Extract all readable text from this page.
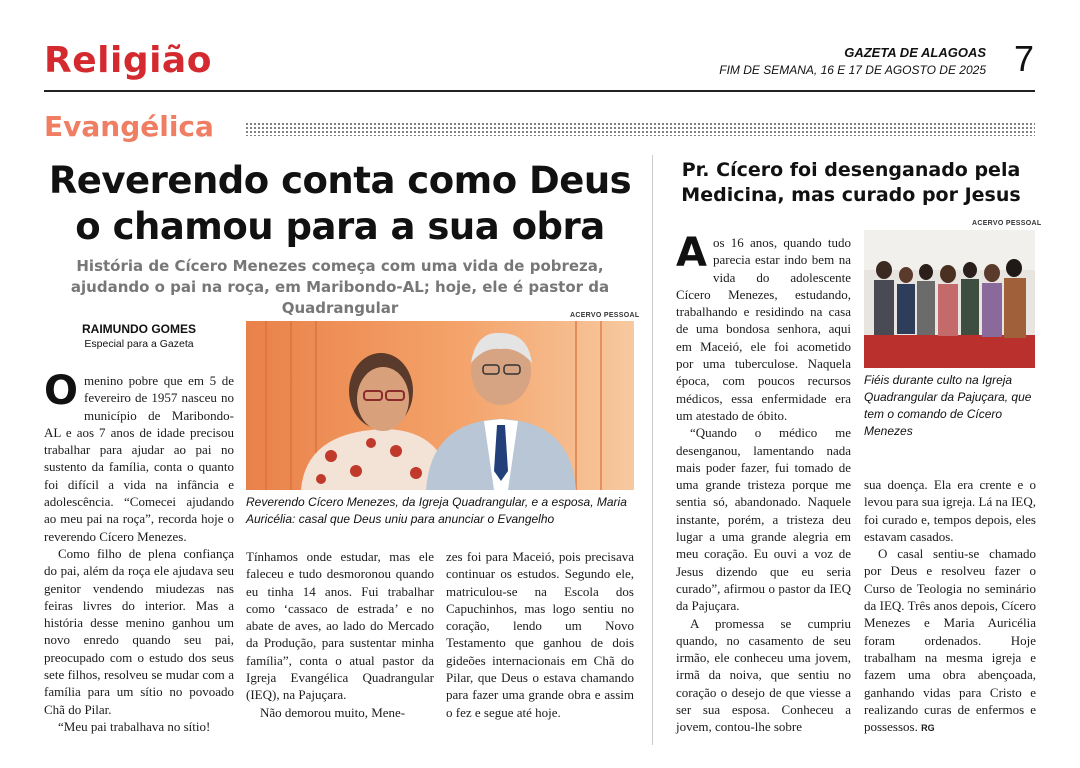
Religião	GAZETA DE ALAGOAS
FIM DE SEMANA, 16 E 17 DE AGOSTO DE 2025 7
Evangélica
Reverendo conta como Deus o chamou para a sua obra
História de Cícero Menezes começa com uma vida de pobreza, ajudando o pai na roça, em Maribondo-AL; hoje, ele é pastor da Quadrangular
RAIMUNDO GOMES
Especial para a Gazeta
ACERVO PESSOAL
Reverendo Cícero Menezes, da Igreja Quadrangular, e a esposa, Maria Auricélia: casal que Deus uniu para anunciar o Evangelho

Omenino pobre que em 5 de fevereiro de 1957 nasceu no município de Maribondo-AL e aos 7 anos de idade precisou trabalhar para ajudar ao pai no sustento da família, conta o quanto foi difícil a vida na infância e adolescência. “Comecei ajudando ao meu pai na roça”, recorda hoje o reverendo Cícero Menezes.

Como filho de plena confiança do pai, além da roça ele ajudava seu genitor vendendo miudezas nas feiras livres do interior. Mas a história desse menino ganhou um novo enredo quando seu pai, preocupado com o estudo dos seus sete filhos, resolveu se mudar com a família para um sítio no povoado Chã do Pilar.

“Meu pai trabalhava no sítio!

Tínhamos onde estudar, mas ele faleceu e tudo desmoronou quando eu tinha 14 anos. Fui trabalhar como ‘cassaco de estrada’ e no abate de aves, ao lado do Mercado da Produção, para sustentar minha família”, conta o atual pastor da Igreja Evangélica Quadrangular (IEQ), na Pajuçara.

Não demorou muito, Mene-

zes foi para Maceió, pois precisava continuar os estudos. Segundo ele, matriculou-se na Escola dos Capuchinhos, mas logo sentiu no coração, lendo um Novo Testamento que ganhou de dois gideões internacionais em Chã do Pilar, que Deus o estava chamando para fazer uma grande obra e assim o fez e segue até hoje.

Pr. Cícero foi desenganado pela Medicina, mas curado por Jesus
ACERVO PESSOAL
Fiéis durante culto na Igreja Quadrangular da Pajuçara, que tem o comando de Cícero Menezes

Aos 16 anos, quando tudo parecia estar indo bem na vida do adolescente Cícero Menezes, estudando, trabalhando e residindo na casa de uma bondosa senhora, aqui em Maceió, ele foi acometido por uma tuberculose. Naquela época, com poucos recursos médicos, essa enfermidade era um atestado de óbito.

“Quando o médico me desenganou, lamentando nada mais poder fazer, fui tomado de uma grande tristeza porque me sentia só, abandonado. Naquele instante, porém, a tristeza deu lugar a uma grande alegria em meu coração. Eu ouvi a voz de Jesus dizendo que eu seria curado”, afirmou o pastor da IEQ da Pajuçara.

A promessa se cumpriu quando, no casamento de seu irmão, ele conheceu uma jovem, irmã da noiva, que sentiu no coração o desejo de que viesse a ser sua esposa. Conheceu a jovem, contou-lhe sobre

sua doença. Ela era crente e o levou para sua igreja. Lá na IEQ, foi curado e, tempos depois, eles estavam casados.

O casal sentiu-se chamado por Deus e resolveu fazer o Curso de Teologia no seminário da IEQ. Três anos depois, Cícero Menezes e Maria Auricélia foram ordenados. Hoje trabalham na mesma igreja e fazem uma obra abençoada, ganhando vidas para Cristo e realizando curas de enfermos e possessos. RG
